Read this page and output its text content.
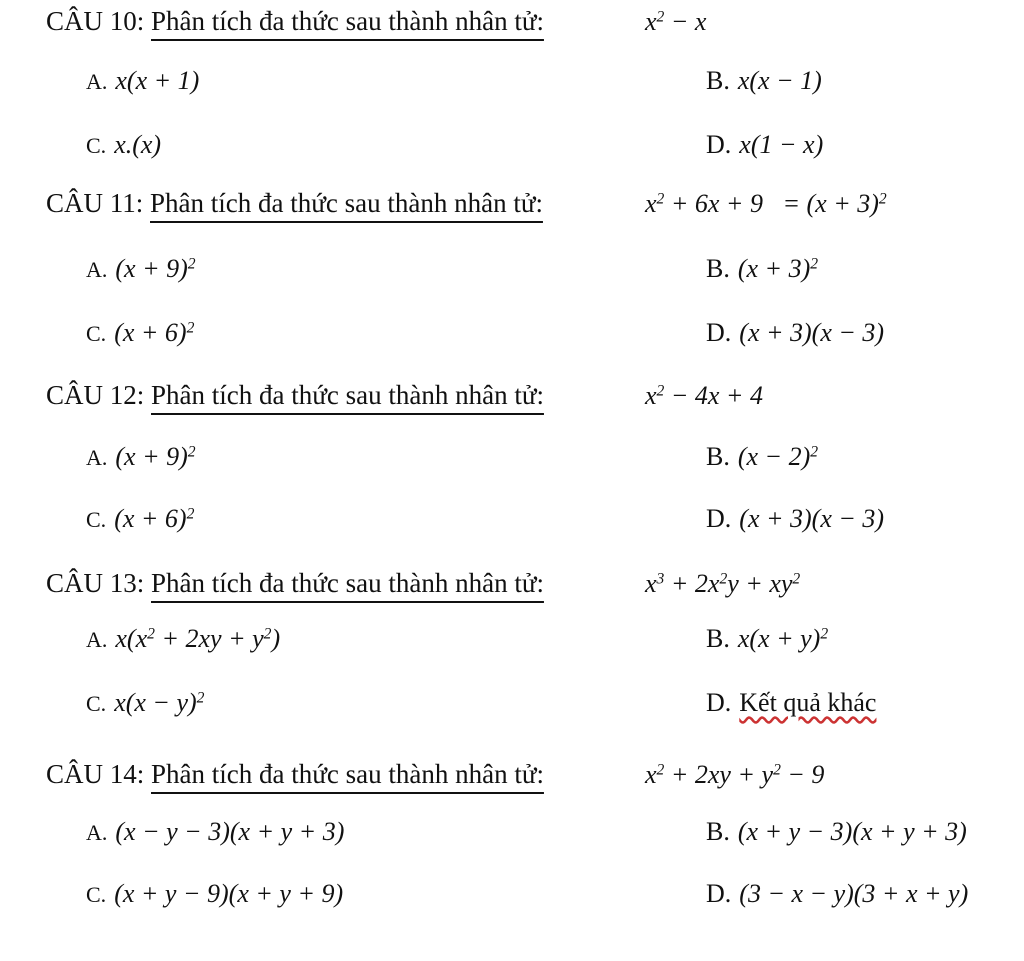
CÂU 10: Phân tích đa thức sau thành nhân tử:	$x^2 - x$
A. x(x + 1)	B. x(x − 1)
C. x.(x)	D. x(1 − x)
CÂU 11: Phân tích đa thức sau thành nhân tử:	$x^2 + 6x + 9 = (x + 3)^2$
A. $(x + 9)^2$	B. $(x + 3)^2$
C. $(x + 6)^2$	D. (x + 3)(x − 3)
CÂU 12: Phân tích đa thức sau thành nhân tử:	$x^2 - 4x + 4$
A. $(x + 9)^2$	B. $(x - 2)^2$
C. $(x + 6)^2$	D. (x + 3)(x − 3)
CÂU 13: Phân tích đa thức sau thành nhân tử:	$x^3 + 2x^2y + xy^2$
A. $x(x^2 + 2xy + y^2)$	B. $x(x + y)^2$
C. $x(x - y)^2$	D. Kết quả khác
CÂU 14: Phân tích đa thức sau thành nhân tử:	$x^2 + 2xy + y^2 - 9$
A. (x − y − 3)(x + y + 3)	B. (x + y − 3)(x + y + 3)
C. (x + y − 9)(x + y + 9)	D. (3 − x − y)(3 + x + y)
